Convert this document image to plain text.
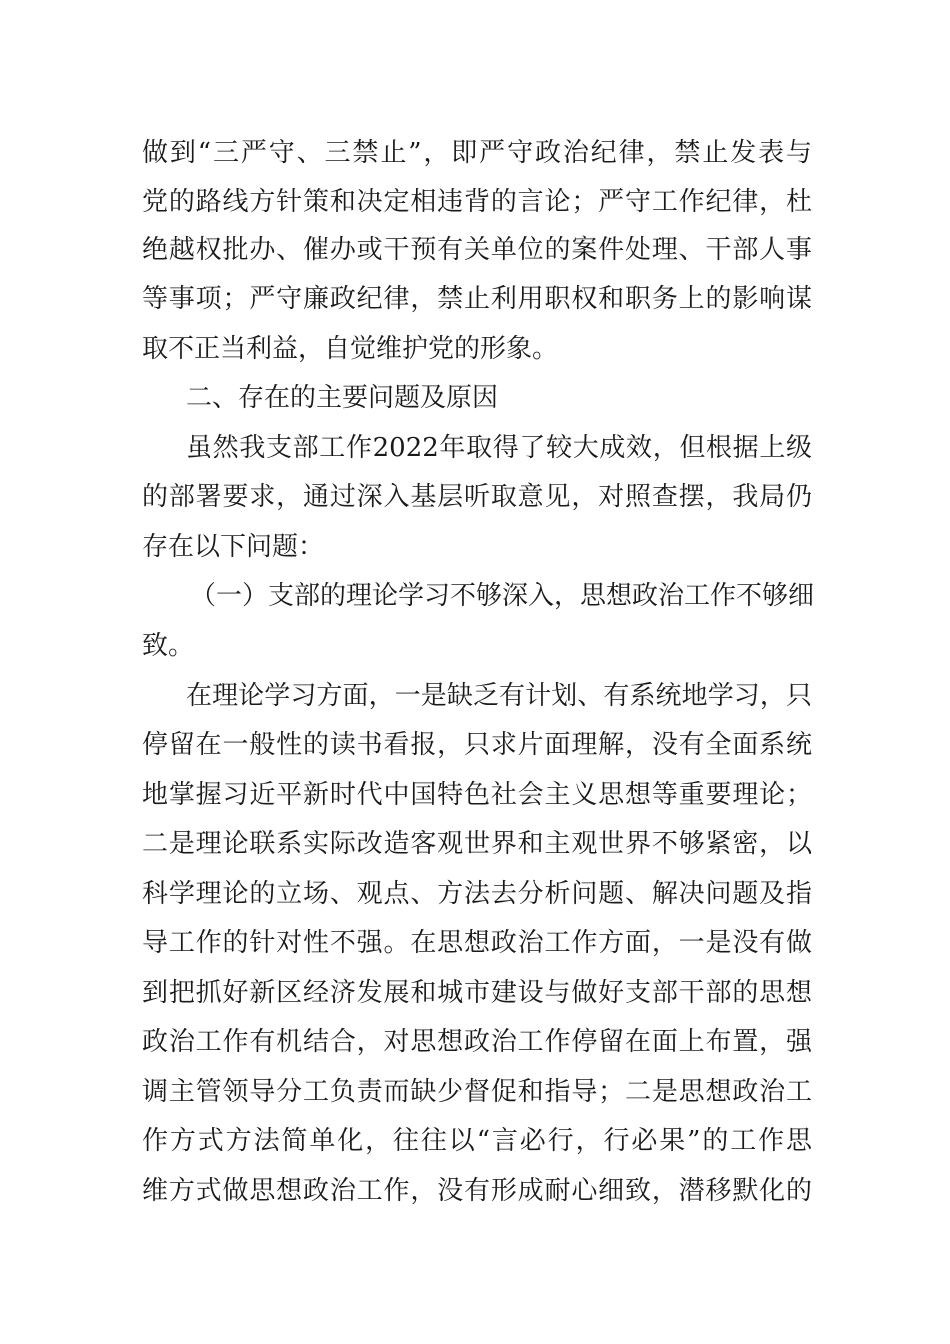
做到“三严守、三禁止”，即严守政治纪律，禁止发表与
党的路线方针策和决定相违背的言论；严守工作纪律，杜
绝越权批办、催办或干预有关单位的案件处理、干部人事
等事项；严守廉政纪律，禁止利用职权和职务上的影响谋
取不正当利益，自觉维护党的形象。
二、存在的主要问题及原因
虽然我支部工作2022年取得了较大成效，但根据上级
的部署要求，通过深入基层听取意见，对照查摆，我局仍
存在以下问题：
（一）支部的理论学习不够深入，思想政治工作不够细
致。
在理论学习方面，一是缺乏有计划、有系统地学习，只
停留在一般性的读书看报，只求片面理解，没有全面系统
地掌握习近平新时代中国特色社会主义思想等重要理论；
二是理论联系实际改造客观世界和主观世界不够紧密，以
科学理论的立场、观点、方法去分析问题、解决问题及指
导工作的针对性不强。在思想政治工作方面，一是没有做
到把抓好新区经济发展和城市建设与做好支部干部的思想
政治工作有机结合，对思想政治工作停留在面上布置，强
调主管领导分工负责而缺少督促和指导；二是思想政治工
作方式方法简单化，往往以“言必行，行必果”的工作思
维方式做思想政治工作，没有形成耐心细致，潜移默化的
